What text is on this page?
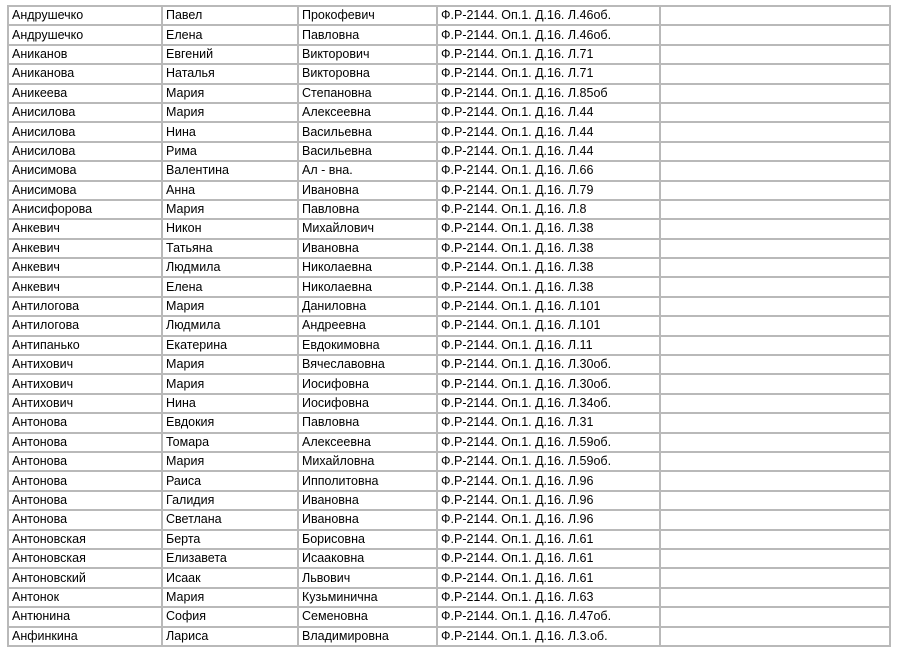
Андрушечко	Павел	Прокофевич	Ф.Р-2144. Оп.1. Д.16. Л.46об.	
Андрушечко	Елена	Павловна	Ф.Р-2144. Оп.1. Д.16. Л.46об.	
Аниканов	Евгений	Викторович	Ф.Р-2144. Оп.1. Д.16. Л.71	
Аниканова	Наталья	Викторовна	Ф.Р-2144. Оп.1. Д.16. Л.71	
Аникеева	Мария	Степановна	Ф.Р-2144. Оп.1. Д.16. Л.85об	
Анисилова	Мария	Алексеевна	Ф.Р-2144. Оп.1. Д.16. Л.44	
Анисилова	Нина	Васильевна	Ф.Р-2144. Оп.1. Д.16. Л.44	
Анисилова	Рима	Васильевна	Ф.Р-2144. Оп.1. Д.16. Л.44	
Анисимова	Валентина	Ал - вна.	Ф.Р-2144. Оп.1. Д.16. Л.66	
Анисимова	Анна	Ивановна	Ф.Р-2144. Оп.1. Д.16. Л.79	
Анисифорова	Мария	Павловна	Ф.Р-2144. Оп.1. Д.16. Л.8	
Анкевич	Никон	Михайлович	Ф.Р-2144. Оп.1. Д.16. Л.38	
Анкевич	Татьяна	Ивановна	Ф.Р-2144. Оп.1. Д.16. Л.38	
Анкевич	Людмила	Николаевна	Ф.Р-2144. Оп.1. Д.16. Л.38	
Анкевич	Елена	Николаевна	Ф.Р-2144. Оп.1. Д.16. Л.38	
Антилогова	Мария	Даниловна	Ф.Р-2144. Оп.1. Д.16. Л.101	
Антилогова	Людмила	Андреевна	Ф.Р-2144. Оп.1. Д.16. Л.101	
Антипанько	Екатерина	Евдокимовна	Ф.Р-2144. Оп.1. Д.16. Л.11	
Антихович	Мария	Вячеславовна	Ф.Р-2144. Оп.1. Д.16. Л.30об.	
Антихович	Мария	Иосифовна	Ф.Р-2144. Оп.1. Д.16. Л.30об.	
Антихович	Нина	Иосифовна	Ф.Р-2144. Оп.1. Д.16. Л.34об.	
Антонова	Евдокия	Павловна	Ф.Р-2144. Оп.1. Д.16. Л.31	
Антонова	Томара	Алексеевна	Ф.Р-2144. Оп.1. Д.16. Л.59об.	
Антонова	Мария	Михайловна	Ф.Р-2144. Оп.1. Д.16. Л.59об.	
Антонова	Раиса	Ипполитовна	Ф.Р-2144. Оп.1. Д.16. Л.96	
Антонова	Галидия	Ивановна	Ф.Р-2144. Оп.1. Д.16. Л.96	
Антонова	Светлана	Ивановна	Ф.Р-2144. Оп.1. Д.16. Л.96	
Антоновская	Берта	Борисовна	Ф.Р-2144. Оп.1. Д.16. Л.61	
Антоновская	Елизавета	Исааковна	Ф.Р-2144. Оп.1. Д.16. Л.61	
Антоновский	Исаак	Львович	Ф.Р-2144. Оп.1. Д.16. Л.61	
Антонок	Мария	Кузьминична	Ф.Р-2144. Оп.1. Д.16. Л.63	
Антюнина	София	Семеновна	Ф.Р-2144. Оп.1. Д.16. Л.47об.	
Анфинкина	Лариса	Владимировна	Ф.Р-2144. Оп.1. Д.16. Л.3.об.	
